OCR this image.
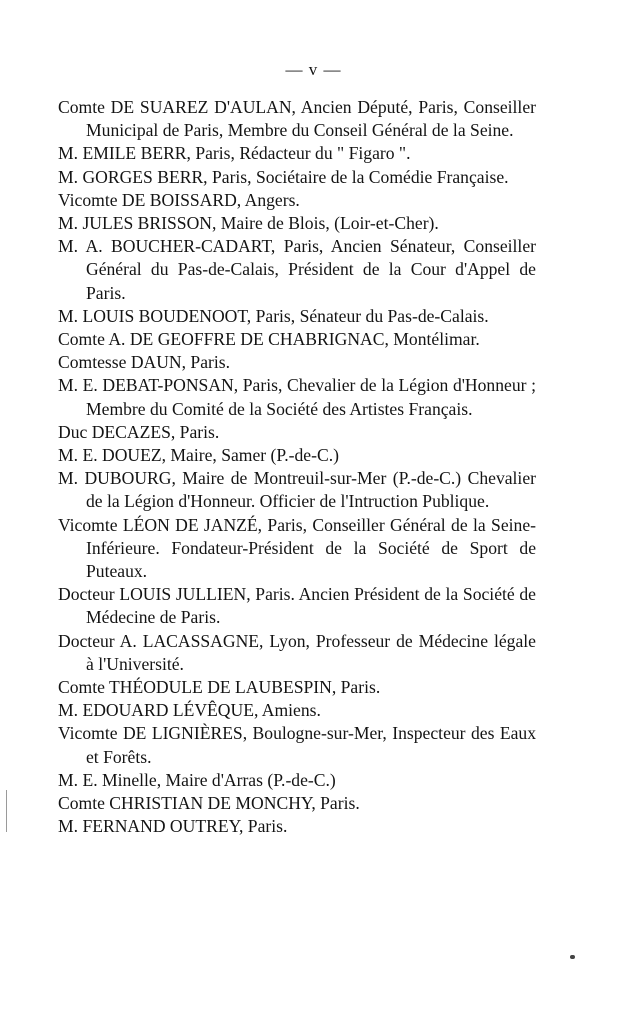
— v —
Comte DE SUAREZ D'AULAN, Ancien Député, Paris, Conseiller Municipal de Paris, Membre du Conseil Général de la Seine.
M. EMILE BERR, Paris, Rédacteur du " Figaro ".
M. GORGES BERR, Paris, Sociétaire de la Comédie Française.
Vicomte DE BOISSARD, Angers.
M. JULES BRISSON, Maire de Blois, (Loir-et-Cher).
M. A. BOUCHER-CADART, Paris, Ancien Sénateur, Conseiller Général du Pas-de-Calais, Président de la Cour d'Appel de Paris.
M. LOUIS BOUDENOOT, Paris, Sénateur du Pas-de-Calais.
Comte A. DE GEOFFRE DE CHABRIGNAC, Montélimar.
Comtesse DAUN, Paris.
M. E. DEBAT-PONSAN, Paris, Chevalier de la Légion d'Honneur ; Membre du Comité de la Société des Artistes Français.
Duc DECAZES, Paris.
M. E. DOUEZ, Maire, Samer (P.-de-C.)
M. DUBOURG, Maire de Montreuil-sur-Mer (P.-de-C.) Chevalier de la Légion d'Honneur. Officier de l'Intruction Publique.
Vicomte LÉON DE JANZÉ, Paris, Conseiller Général de la Seine-Inférieure. Fondateur-Président de la Société de Sport de Puteaux.
Docteur LOUIS JULLIEN, Paris. Ancien Président de la Société de Médecine de Paris.
Docteur A. LACASSAGNE, Lyon, Professeur de Médecine légale à l'Université.
Comte THÉODULE DE LAUBESPIN, Paris.
M. EDOUARD LÉVÊQUE, Amiens.
Vicomte DE LIGNIÈRES, Boulogne-sur-Mer, Inspecteur des Eaux et Forêts.
M. E. Minelle, Maire d'Arras (P.-de-C.)
Comte CHRISTIAN DE MONCHY, Paris.
M. FERNAND OUTREY, Paris.
